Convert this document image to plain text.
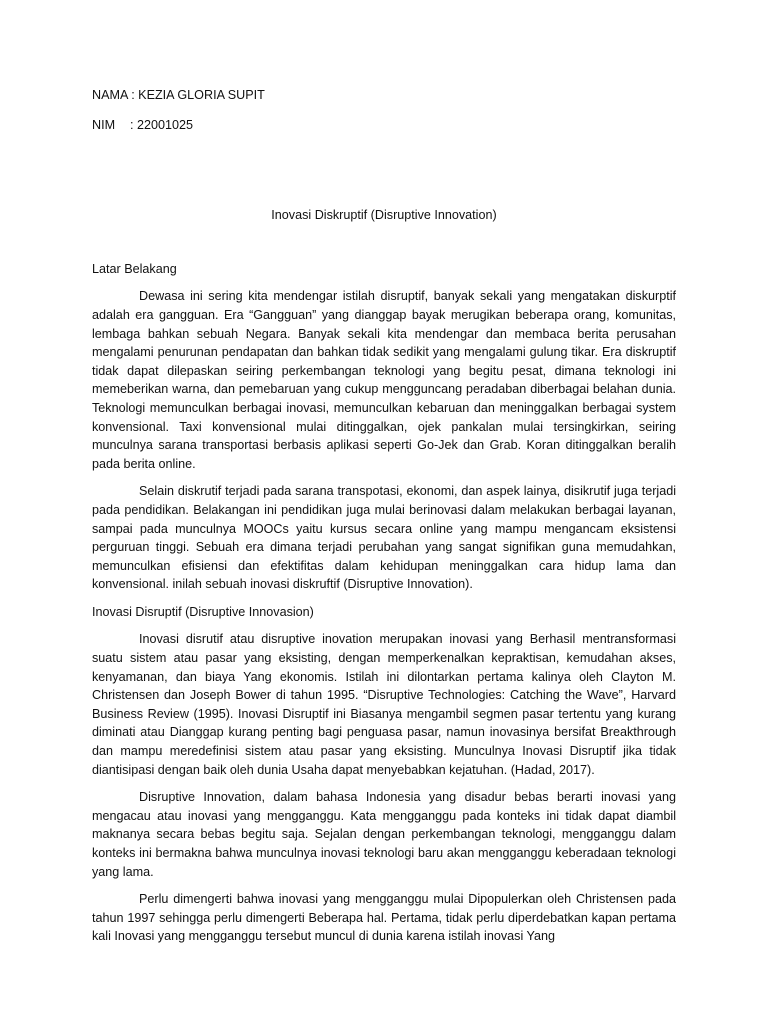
NAMA : KEZIA GLORIA SUPIT

NIM : 22001025

Inovasi Diskruptif (Disruptive Innovation)
Latar Belakang

Dewasa ini sering kita mendengar istilah disruptif, banyak sekali yang mengatakan diskurptif adalah era gangguan. Era “Gangguan” yang dianggap bayak merugikan beberapa orang, komunitas, lembaga bahkan sebuah Negara. Banyak sekali kita mendengar dan membaca berita perusahan mengalami penurunan pendapatan dan bahkan tidak sedikit yang mengalami gulung tikar. Era diskruptif tidak dapat dilepaskan seiring perkembangan teknologi yang begitu pesat, dimana teknologi ini memeberikan warna, dan pemebaruan yang cukup mengguncang peradaban diberbagai belahan dunia. Teknologi memunculkan berbagai inovasi, memunculkan kebaruan dan meninggalkan berbagai system konvensional. Taxi konvensional mulai ditinggalkan, ojek pankalan mulai tersingkirkan, seiring munculnya sarana transportasi berbasis aplikasi seperti Go-Jek dan Grab. Koran ditinggalkan beralih pada berita online.

Selain diskrutif terjadi pada sarana transpotasi, ekonomi, dan aspek lainya, disikrutif juga terjadi pada pendidikan. Belakangan ini pendidikan juga mulai berinovasi dalam melakukan berbagai layanan, sampai pada munculnya MOOCs yaitu kursus secara online yang mampu mengancam eksistensi perguruan tinggi. Sebuah era dimana terjadi perubahan yang sangat signifikan guna memudahkan, memunculkan efisiensi dan efektifitas dalam kehidupan meninggalkan cara hidup lama dan konvensional. inilah sebuah inovasi diskruftif (Disruptive Innovation).

Inovasi Disruptif (Disruptive Innovasion)

Inovasi disrutif atau disruptive inovation merupakan inovasi yang Berhasil mentransformasi suatu sistem atau pasar yang eksisting, dengan memperkenalkan kepraktisan, kemudahan akses, kenyamanan, dan biaya Yang ekonomis. Istilah ini dilontarkan pertama kalinya oleh Clayton M. Christensen dan Joseph Bower di tahun 1995. “Disruptive Technologies: Catching the Wave”, Harvard Business Review (1995). Inovasi Disruptif ini Biasanya mengambil segmen pasar tertentu yang kurang diminati atau Dianggap kurang penting bagi penguasa pasar, namun inovasinya bersifat Breakthrough dan mampu meredefinisi sistem atau pasar yang eksisting. Munculnya Inovasi Disruptif jika tidak diantisipasi dengan baik oleh dunia Usaha dapat menyebabkan kejatuhan. (Hadad, 2017).

Disruptive Innovation, dalam bahasa Indonesia yang disadur bebas berarti inovasi yang mengacau atau inovasi yang mengganggu. Kata mengganggu pada konteks ini tidak dapat diambil maknanya secara bebas begitu saja. Sejalan dengan perkembangan teknologi, mengganggu dalam konteks ini bermakna bahwa munculnya inovasi teknologi baru akan mengganggu keberadaan teknologi yang lama.

Perlu dimengerti bahwa inovasi yang mengganggu mulai Dipopulerkan oleh Christensen pada tahun 1997 sehingga perlu dimengerti Beberapa hal. Pertama, tidak perlu diperdebatkan kapan pertama kali Inovasi yang mengganggu tersebut muncul di dunia karena istilah inovasi Yang
